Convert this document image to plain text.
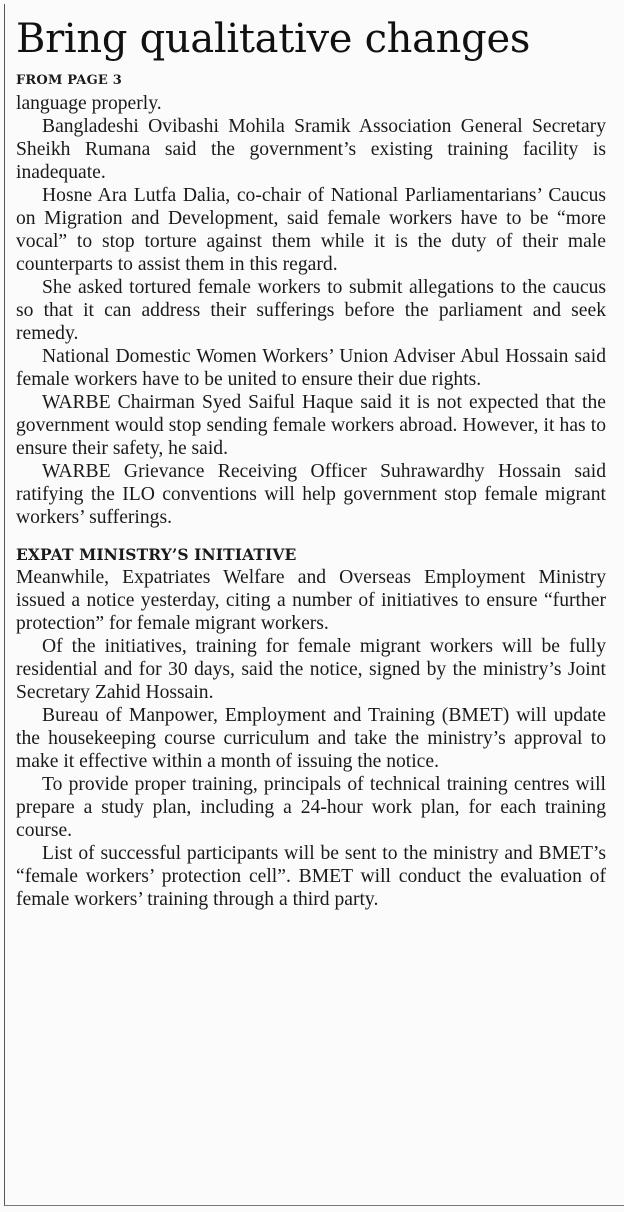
Bring qualitative changes
FROM PAGE 3

language properly.

Bangladeshi Ovibashi Mohila Sramik Association General Secretary Sheikh Rumana said the government’s existing training facility is inadequate.

Hosne Ara Lutfa Dalia, co-chair of National Parliamentarians’ Caucus on Migration and Development, said female workers have to be “more vocal” to stop torture against them while it is the duty of their male counterparts to assist them in this regard.

She asked tortured female workers to submit allegations to the caucus so that it can address their sufferings before the parliament and seek remedy.

National Domestic Women Workers’ Union Adviser Abul Hossain said female workers have to be united to ensure their due rights.

WARBE Chairman Syed Saiful Haque said it is not expected that the government would stop sending female workers abroad. However, it has to ensure their safety, he said.

WARBE Grievance Receiving Officer Suhrawardhy Hossain said ratifying the ILO conventions will help government stop female migrant workers’ sufferings.

EXPAT MINISTRY’S INITIATIVE

Meanwhile, Expatriates Welfare and Overseas Employment Ministry issued a notice yesterday, citing a number of initiatives to ensure “further protection” for female migrant workers.

Of the initiatives, training for female migrant workers will be fully residential and for 30 days, said the notice, signed by the ministry’s Joint Secretary Zahid Hossain.

Bureau of Manpower, Employment and Training (BMET) will update the housekeeping course curriculum and take the ministry’s approval to make it effective within a month of issuing the notice.

To provide proper training, principals of technical training centres will prepare a study plan, including a 24-hour work plan, for each training course.

List of successful participants will be sent to the ministry and BMET’s “female workers’ protection cell”. BMET will conduct the evaluation of female workers’ training through a third party.
